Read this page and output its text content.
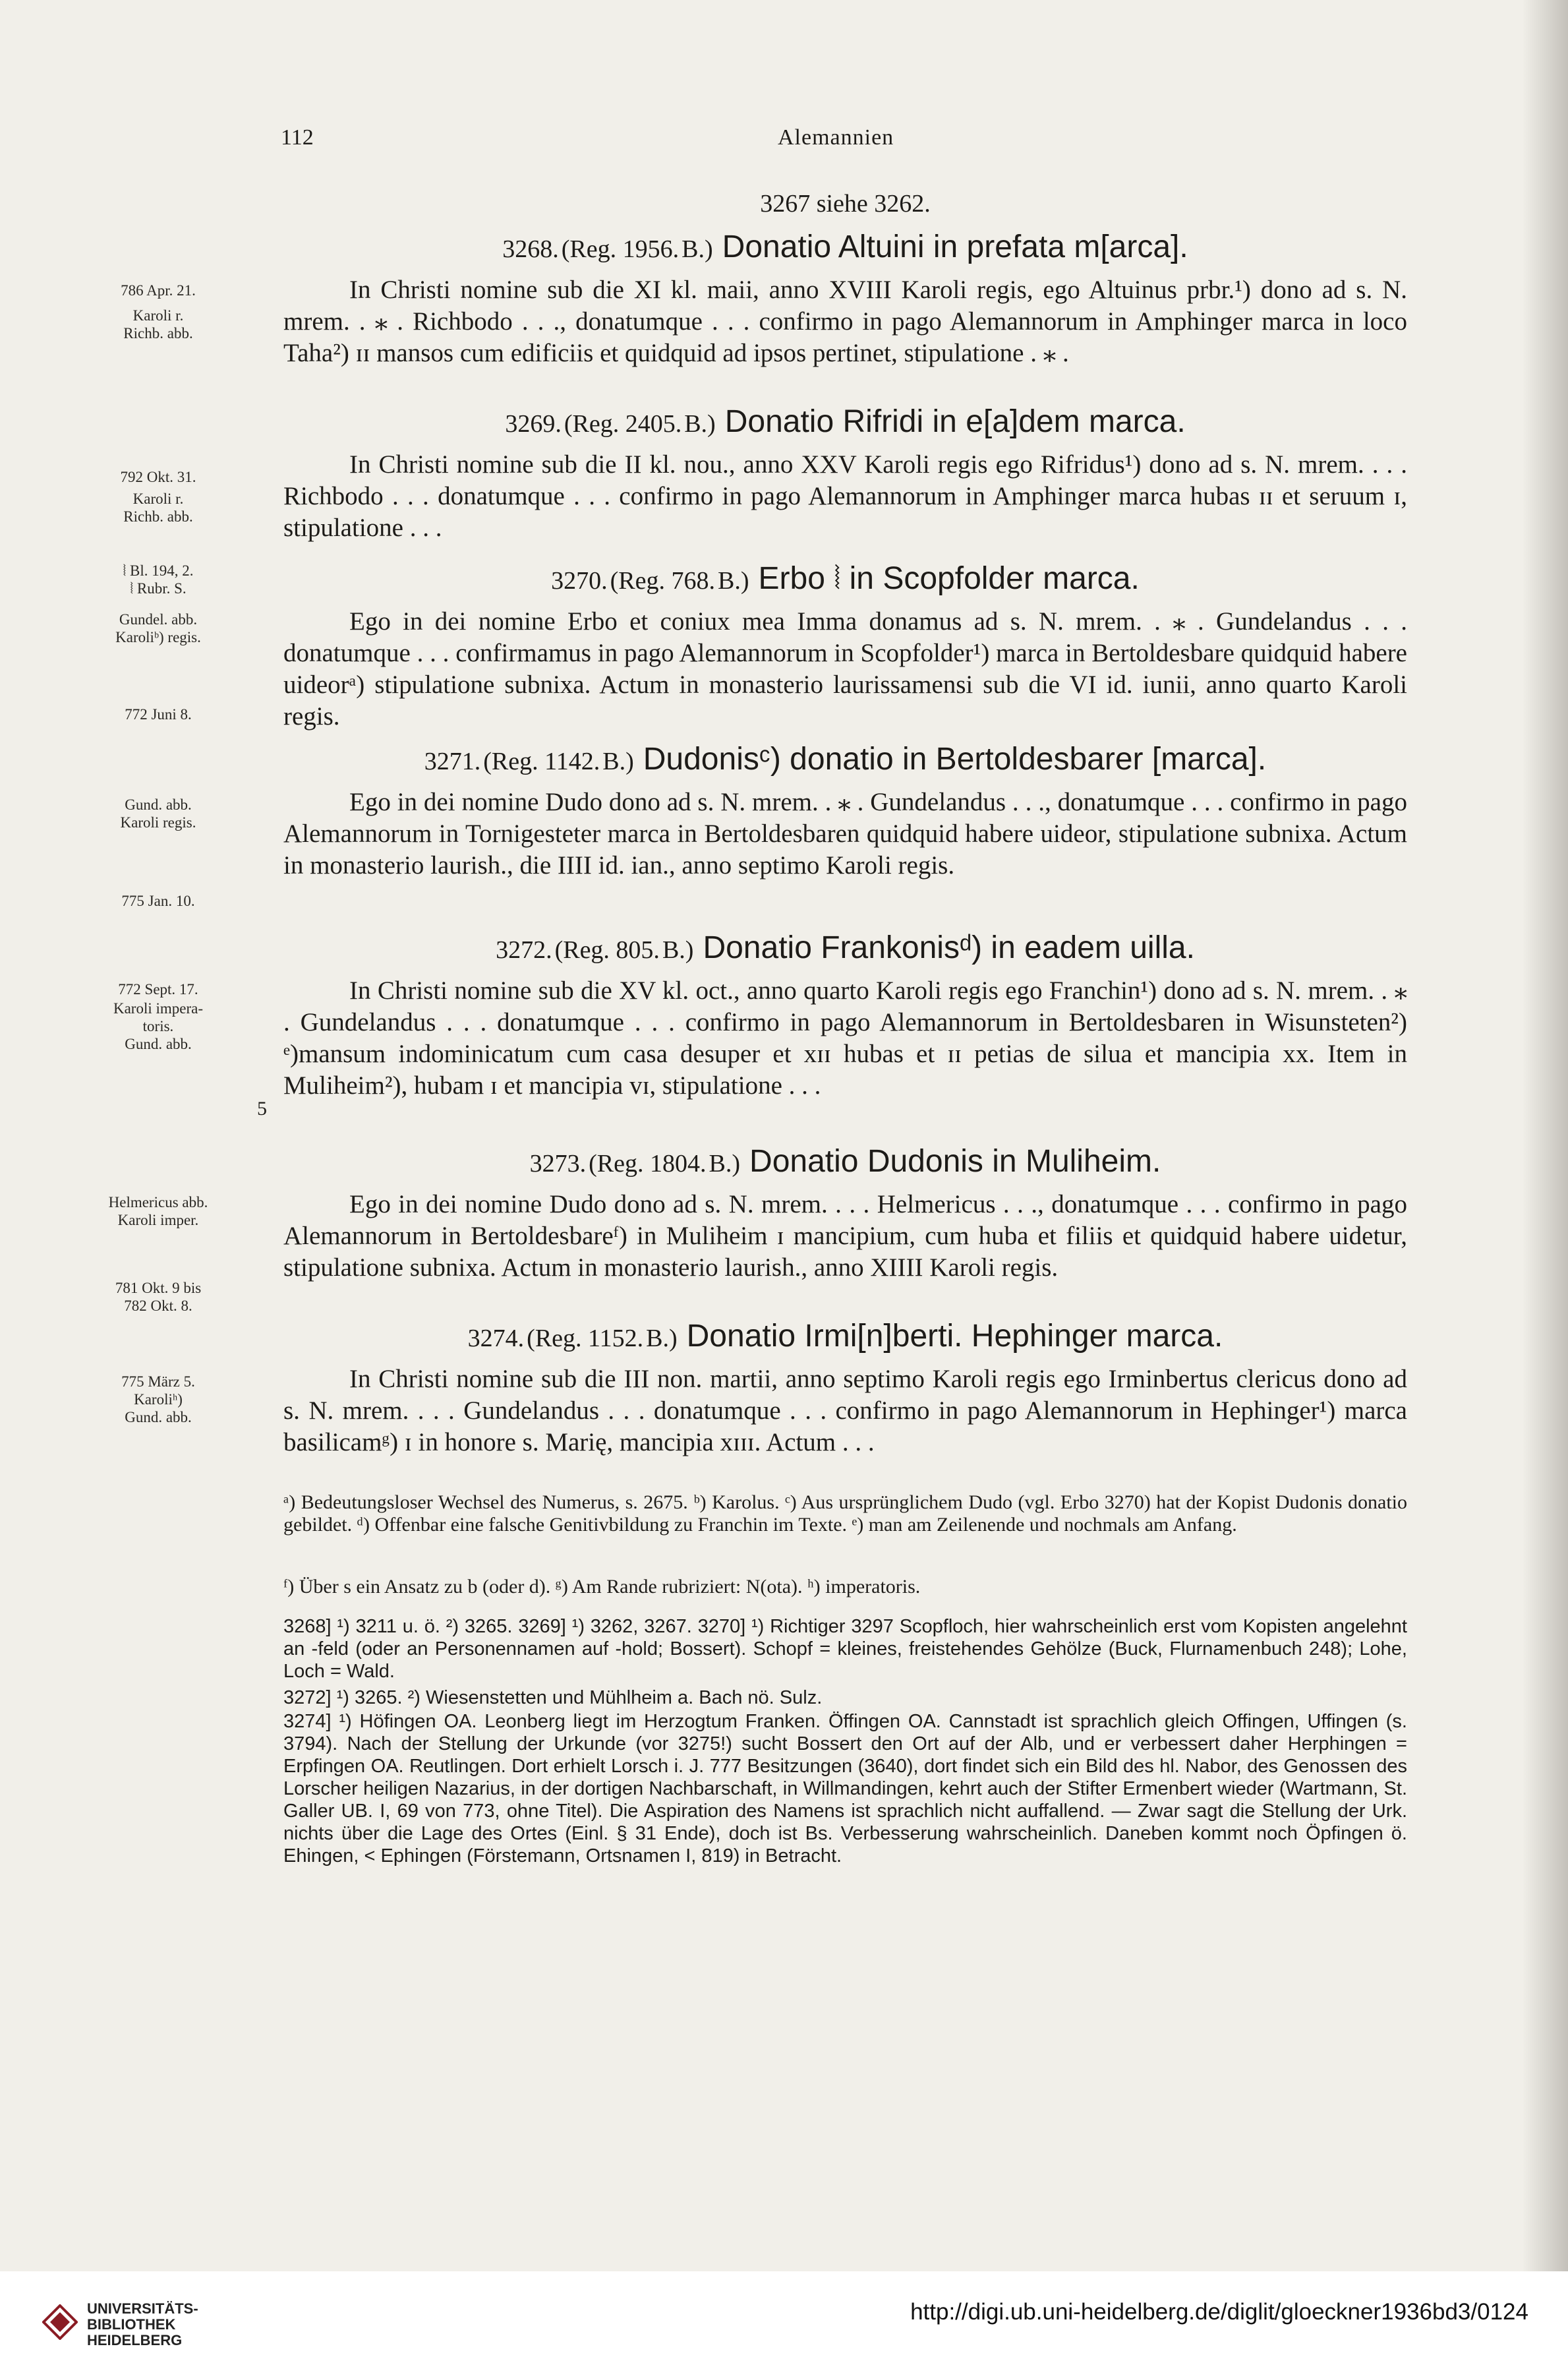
112	Alemannien
3267 siehe 3262.
3268. (Reg. 1956. B.) Donatio Altuini in prefata m[arca].

In Christi nomine sub die XI kl. maii, anno XVIII Karoli regis, ego Altuinus prbr.¹) dono ad s. N. mrem. . ⁎ . Richbodo . . ., donatumque . . . confirmo in pago Alemannorum in Amphinger marca in loco Taha²) ɪɪ mansos cum edificiis et quidquid ad ipsos pertinet, stipulatione . ⁎ .

3269. (Reg. 2405. B.) Donatio Rifridi in e[a]dem marca.

In Christi nomine sub die II kl. nou., anno XXV Karoli regis ego Rifridus¹) dono ad s. N. mrem. . . . Richbodo . . . donatumque . . . confirmo in pago Alemannorum in Amphinger marca hubas ɪɪ et seruum ɪ, stipulatione . . .

3270. (Reg. 768. B.) Erbo ⦚ in Scopfolder marca.

Ego in dei nomine Erbo et coniux mea Imma donamus ad s. N. mrem. . ⁎ . Gundelandus . . . donatumque . . . confirmamus in pago Alemannorum in Scopfolder¹) marca in Bertoldesbare quidquid habere uideorᵃ) stipulatione subnixa. Actum in monasterio laurissamensi sub die VI id. iunii, anno quarto Karoli regis.

3271. (Reg. 1142. B.) Dudonisᶜ) donatio in Bertoldesbarer [marca].

Ego in dei nomine Dudo dono ad s. N. mrem. . ⁎ . Gundelandus . . ., donatumque . . . confirmo in pago Alemannorum in Tornigesteter marca in Bertoldesbaren quidquid habere uideor, stipulatione subnixa. Actum in monasterio laurish., die IIII id. ian., anno septimo Karoli regis.

3272. (Reg. 805. B.) Donatio Frankonisᵈ) in eadem uilla.

In Christi nomine sub die XV kl. oct., anno quarto Karoli regis ego Franchin¹) dono ad s. N. mrem. . ⁎ . Gundelandus . . . donatumque . . . confirmo in pago Alemannorum in Bertoldesbaren in Wisunsteten²) ᵉ)mansum indominicatum cum casa desuper et xɪɪ hubas et ɪɪ petias de silua et mancipia xx. Item in Muliheim²), hubam ɪ et mancipia vɪ, stipulatione . . .

5
3273. (Reg. 1804. B.) Donatio Dudonis in Muliheim.

Ego in dei nomine Dudo dono ad s. N. mrem. . . . Helmericus . . ., donatumque . . . confirmo in pago Alemannorum in Bertoldesbareᶠ) in Muliheim ɪ mancipium, cum huba et filiis et quidquid habere uidetur, stipulatione subnixa. Actum in monasterio laurish., anno XIIII Karoli regis.

3274. (Reg. 1152. B.) Donatio Irmi[n]berti. Hephinger marca.

In Christi nomine sub die III non. martii, anno septimo Karoli regis ego Irminbertus clericus dono ad s. N. mrem. . . . Gundelandus . . . donatumque . . . confirmo in pago Alemannorum in Hephinger¹) marca basilicamᵍ) ɪ in honore s. Marię, mancipia xɪɪɪ. Actum . . .

786 Apr. 21.
Karoli r.
Richb. abb.
792 Okt. 31.
Karoli r.
Richb. abb.
⦚ Bl. 194, 2.
⦚ Rubr. S.
Gundel. abb.
Karoliᵇ) regis.
772 Juni 8.
Gund. abb.
Karoli regis.
775 Jan. 10.
772 Sept. 17.
Karoli impera-
toris.
Gund. abb.
Helmericus abb.
Karoli imper.
781 Okt. 9 bis
782 Okt. 8.
775 März 5.
Karoliʰ)
Gund. abb.
ᵃ) Bedeutungsloser Wechsel des Numerus, s. 2675. ᵇ) Karolus. ᶜ) Aus ursprünglichem Dudo (vgl. Erbo 3270) hat der Kopist Dudonis donatio gebildet. ᵈ) Offenbar eine falsche Genitivbildung zu Franchin im Texte. ᵉ) man am Zeilenende und nochmals am Anfang.
ᶠ) Über s ein Ansatz zu b (oder d). ᵍ) Am Rande rubriziert: N(ota). ʰ) imperatoris.
3268] ¹) 3211 u. ö. ²) 3265. 3269] ¹) 3262, 3267. 3270] ¹) Richtiger 3297 Scopfloch, hier wahrscheinlich erst vom Kopisten angelehnt an -feld (oder an Personennamen auf -hold; Bossert). Schopf = kleines, freistehendes Gehölze (Buck, Flurnamenbuch 248); Lohe, Loch = Wald.
3272] ¹) 3265. ²) Wiesenstetten und Mühlheim a. Bach nö. Sulz.
3274] ¹) Höfingen OA. Leonberg liegt im Herzogtum Franken. Öffingen OA. Cannstadt ist sprachlich gleich Offingen, Uffingen (s. 3794). Nach der Stellung der Urkunde (vor 3275!) sucht Bossert den Ort auf der Alb, und er verbessert daher Herphingen = Erpfingen OA. Reutlingen. Dort erhielt Lorsch i. J. 777 Besitzungen (3640), dort findet sich ein Bild des hl. Nabor, des Genossen des Lorscher heiligen Nazarius, in der dortigen Nachbarschaft, in Willmandingen, kehrt auch der Stifter Ermenbert wieder (Wartmann, St. Galler UB. I, 69 von 773, ohne Titel). Die Aspiration des Namens ist sprachlich nicht auffallend. — Zwar sagt die Stellung der Urk. nichts über die Lage des Ortes (Einl. § 31 Ende), doch ist Bs. Verbesserung wahrscheinlich. Daneben kommt noch Öpfingen ö. Ehingen, < Ephingen (Förstemann, Ortsnamen I, 819) in Betracht.
UNIVERSITÄTS-
BIBLIOTHEK
HEIDELBERG
http://digi.ub.uni-heidelberg.de/diglit/gloeckner1936bd3/0124
